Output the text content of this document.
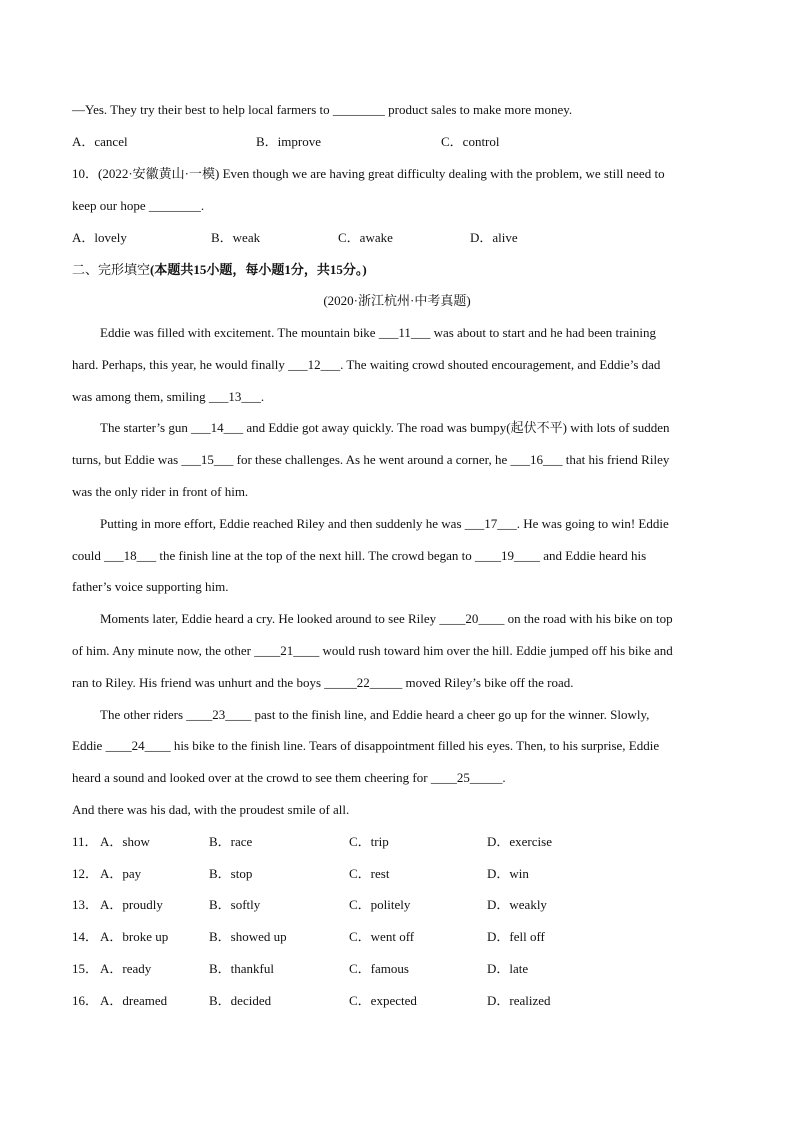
—Yes. They try their best to help local farmers to ________ product sales to make more money.
A．cancel	B．improve	C．control
10．(2022·安徽黄山·一模) Even though we are having great difficulty dealing with the problem, we still need to
keep our hope ________.
A．lovely	B．weak	C．awake	D．alive
二、完形填空(本题共15小题，每小题1分，共15分。)
(2020·浙江杭州·中考真题)
Eddie was filled with excitement. The mountain bike ___11___ was about to start and he had been training
hard. Perhaps, this year, he would finally ___12___. The waiting crowd shouted encouragement, and Eddie’s dad
was among them, smiling ___13___.
The starter’s gun ___14___ and Eddie got away quickly. The road was bumpy(起伏不平) with lots of sudden
turns, but Eddie was ___15___ for these challenges. As he went around a corner, he ___16___ that his friend Riley
was the only rider in front of him.
Putting in more effort, Eddie reached Riley and then suddenly he was ___17___. He was going to win! Eddie
could ___18___ the finish line at the top of the next hill. The crowd began to ____19____ and Eddie heard his
father’s voice supporting him.
Moments later, Eddie heard a cry. He looked around to see Riley ____20____ on the road with his bike on top
of him. Any minute now, the other ____21____ would rush toward him over the hill. Eddie jumped off his bike and
ran to Riley. His friend was unhurt and the boys _____22_____ moved Riley’s bike off the road.
The other riders ____23____ past to the finish line, and Eddie heard a cheer go up for the winner. Slowly,
Eddie ____24____ his bike to the finish line. Tears of disappointment filled his eyes. Then, to his surprise, Eddie
heard a sound and looked over at the crowd to see them cheering for ____25_____.
And there was his dad, with the proudest smile of all.
11． A．show	B．race	C．trip	D．exercise
12． A．pay	B．stop	C．rest	D．win
13． A．proudly	B．softly	C．politely	D．weakly
14． A．broke up	B．showed up	C．went off	D．fell off
15． A．ready	B．thankful	C．famous	D．late
16． A．dreamed	B．decided	C．expected	D．realized
